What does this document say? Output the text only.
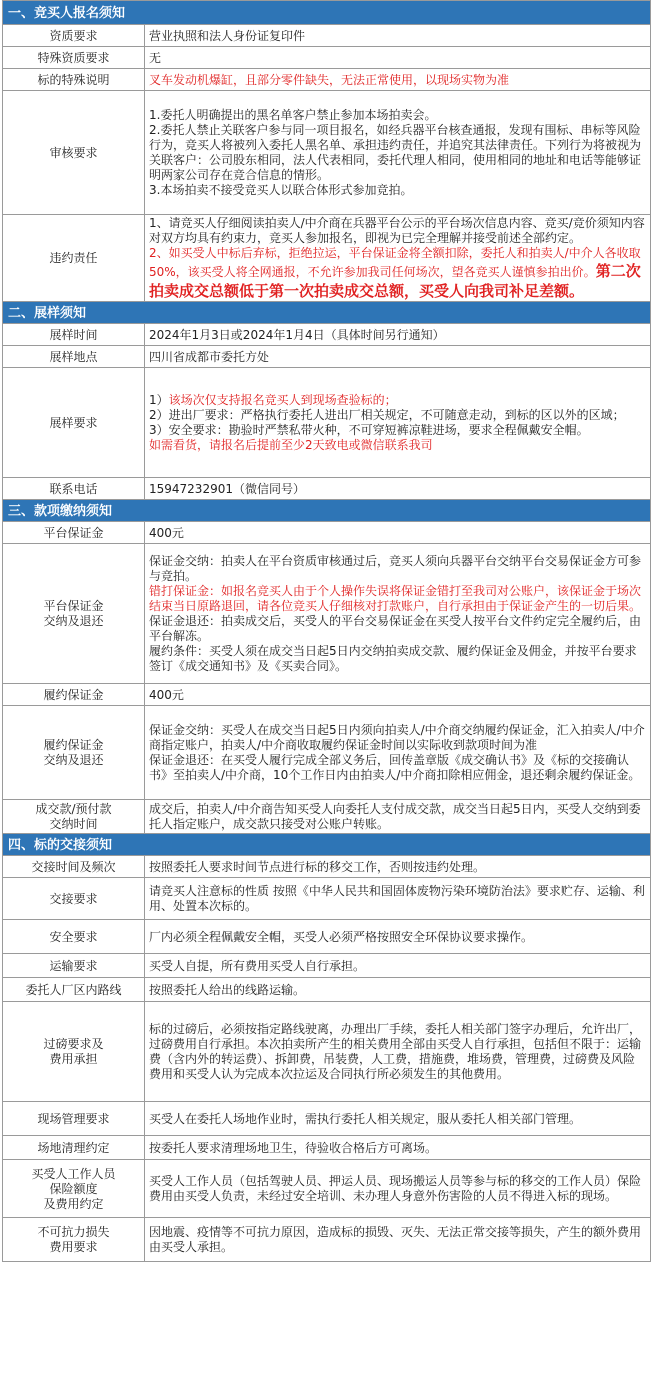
一、竞买人报名须知	
资质要求	营业执照和法人身份证复印件

特殊资质要求	无

标的特殊说明	叉车发动机爆缸，且部分零件缺失，无法正常使用，以现场实物为准

审核要求	1.委托人明确提出的黑名单客户禁止参加本场拍卖会。
2.委托人禁止关联客户参与同一项目报名，如经兵器平台核查通报，发现有围标、串标等风险行为，竞买人将被列入委托人黑名单、承担违约责任，并追究其法律责任。下列行为将被视为关联客户：公司股东相同，法人代表相同，委托代理人相同，使用相同的地址和电话等能够证明两家公司存在竞合信息的情形。
3.本场拍卖不接受竞买人以联合体形式参加竞拍。

违约责任	1、请竞买人仔细阅读拍卖人/中介商在兵器平台公示的平台场次信息内容、竞买/竞价须知内容对双方均具有约束力，竞买人参加报名，即视为已完全理解并接受前述全部约定。
2、如买受人中标后弃标，拒绝拉运，平台保证金将全额扣除，委托人和拍卖人/中介人各收取50%，该买受人将全网通报，不允许参加我司任何场次，望各竞买人谨慎参拍出价。第二次拍卖成交总额低于第一次拍卖成交总额，买受人向我司补足差额。

二、展样须知	
展样时间	2024年1月3日或2024年1月4日（具体时间另行通知）

展样地点	四川省成都市委托方处

展样要求	1）该场次仅支持报名竞买人到现场查验标的；
2）进出厂要求：严格执行委托人进出厂相关规定，不可随意走动，到标的区以外的区域；
3）安全要求：勘验时严禁私带火种，不可穿短裤凉鞋进场，要求全程佩戴安全帽。
如需看货，请报名后提前至少2天致电或微信联系我司

联系电话	15947232901（微信同号）

三、款项缴纳须知	
平台保证金	400元

平台保证金
交纳及退还	保证金交纳：拍卖人在平台资质审核通过后，竞买人须向兵器平台交纳平台交易保证金方可参与竞拍。
错打保证金：如报名竞买人由于个人操作失误将保证金错打至我司对公账户，该保证金于场次结束当日原路退回，请各位竞买人仔细核对打款账户，自行承担由于保证金产生的一切后果。
保证金退还：拍卖成交后，买受人的平台交易保证金在买受人按平台文件约定完全履约后，由平台解冻。
履约条件：买受人须在成交当日起5日内交纳拍卖成交款、履约保证金及佣金，并按平台要求签订《成交通知书》及《买卖合同》。

履约保证金	400元

履约保证金
交纳及退还	保证金交纳：买受人在成交当日起5日内须向拍卖人/中介商交纳履约保证金，汇入拍卖人/中介商指定账户，拍卖人/中介商收取履约保证金时间以实际收到款项时间为准
保证金退还：在买受人履行完成全部义务后，回传盖章版《成交确认书》及《标的交接确认书》至拍卖人/中介商，10个工作日内由拍卖人/中介商扣除相应佣金，退还剩余履约保证金。

成交款/预付款
交纳时间	成交后，拍卖人/中介商告知买受人向委托人支付成交款，成交当日起5日内，买受人交纳到委托人指定账户，成交款只接受对公账户转账。

四、标的交接须知	
交接时间及频次	按照委托人要求时间节点进行标的移交工作，否则按违约处理。

交接要求	请竞买人注意标的性质 按照《中华人民共和国固体废物污染环境防治法》要求贮存、运输、利用、处置本次标的。

安全要求	厂内必须全程佩戴安全帽，买受人必须严格按照安全环保协议要求操作。

运输要求	买受人自提，所有费用买受人自行承担。

委托人厂区内路线	按照委托人给出的线路运输。

过磅要求及
费用承担	标的过磅后，必须按指定路线驶离，办理出厂手续，委托人相关部门签字办理后，允许出厂，过磅费用自行承担。本次拍卖所产生的相关费用全部由买受人自行承担，包括但不限于：运输费（含内外的转运费）、拆卸费，吊装费，人工费，措施费，堆场费，管理费，过磅费及风险费用和买受人认为完成本次拉运及合同执行所必须发生的其他费用。

现场管理要求	买受人在委托人场地作业时，需执行委托人相关规定，服从委托人相关部门管理。

场地清理约定	按委托人要求清理场地卫生，待验收合格后方可离场。

买受人工作人员
保险额度
及费用约定	买受人工作人员（包括驾驶人员、押运人员、现场搬运人员等参与标的移交的工作人员）保险费用由买受人负责，未经过安全培训、未办理人身意外伤害险的人员不得进入标的现场。

不可抗力损失
费用要求	因地震、疫情等不可抗力原因，造成标的损毁、灭失、无法正常交接等损失，产生的额外费用由买受人承担。
